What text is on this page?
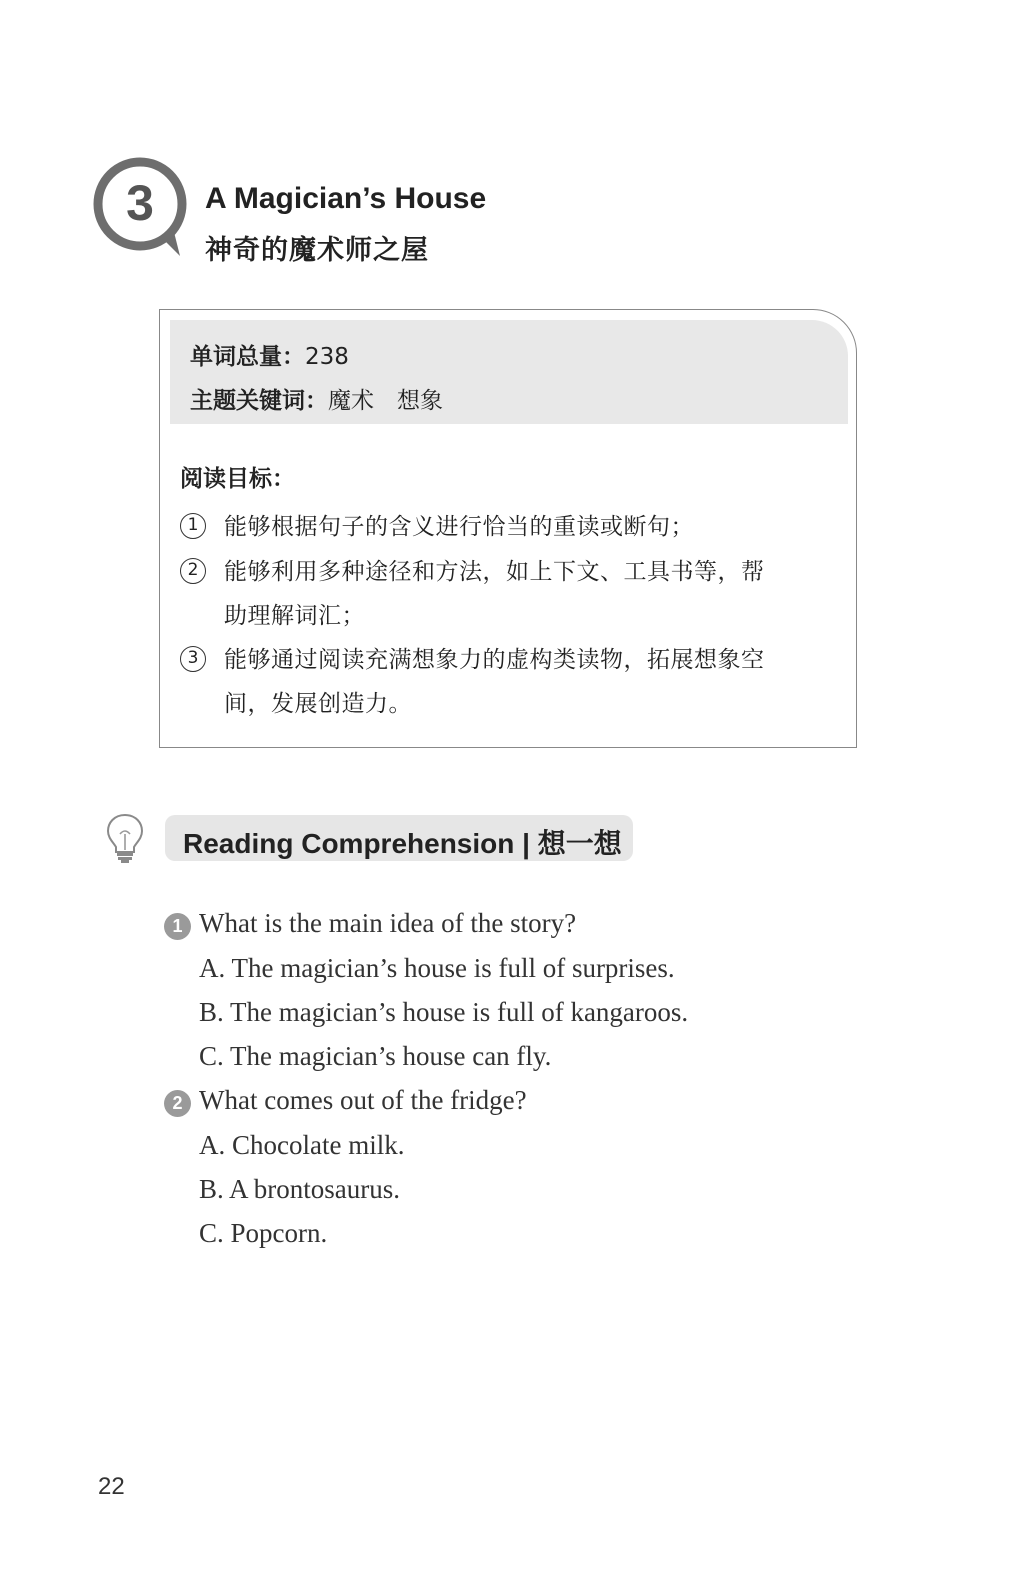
3 A Magician’s House
神奇的魔术师之屋
单词总量：238
主题关键词：魔术　想象
阅读目标：
1	能够根据句子的含义进行恰当的重读或断句；
2	能够利用多种途径和方法，如上下文、工具书等，帮
助理解词汇；
3	能够通过阅读充满想象力的虚构类读物，拓展想象空
间，发展创造力。
Reading Comprehension | 想一想
1 What is the main idea of the story?
A. The magician’s house is full of surprises.
B. The magician’s house is full of kangaroos.
C. The magician’s house can fly.
2 What comes out of the fridge?
A. Chocolate milk.
B. A brontosaurus.
C. Popcorn.
22
